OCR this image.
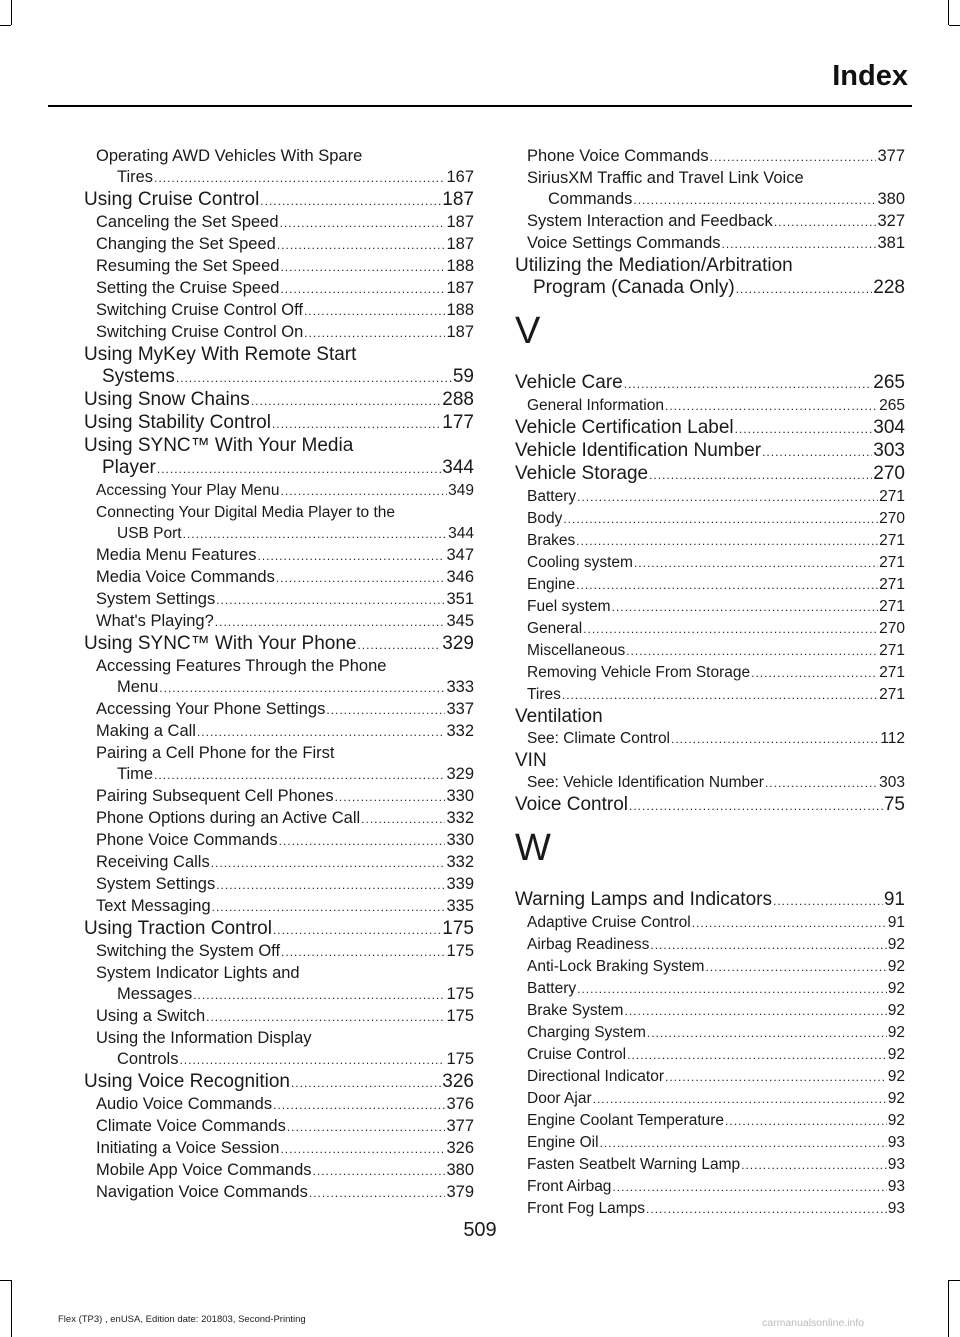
Index
Operating AWD Vehicles With Spare
Tires .....	167
Using Cruise Control .....	187
Canceling the Set Speed .....	187
Changing the Set Speed .....	187
Resuming the Set Speed .....	188
Setting the Cruise Speed .....	187
Switching Cruise Control Off .....	188
Switching Cruise Control On .....	187
Using MyKey With Remote Start
Systems .....	59
Using Snow Chains .....	288
Using Stability Control .....	177
Using SYNC™ With Your Media
Player .....	344
Accessing Your Play Menu .....	349
Connecting Your Digital Media Player to the
USB Port .....	344
Media Menu Features .....	347
Media Voice Commands .....	346
System Settings .....	351
What's Playing? .....	345
Using SYNC™ With Your Phone .....	329
Accessing Features Through the Phone
Menu .....	333
Accessing Your Phone Settings .....	337
Making a Call .....	332
Pairing a Cell Phone for the First
Time .....	329
Pairing Subsequent Cell Phones .....	330
Phone Options during an Active Call .....	332
Phone Voice Commands .....	330
Receiving Calls .....	332
System Settings .....	339
Text Messaging .....	335
Using Traction Control .....	175
Switching the System Off .....	175
System Indicator Lights and
Messages .....	175
Using a Switch .....	175
Using the Information Display
Controls .....	175
Using Voice Recognition .....	326
Audio Voice Commands .....	376
Climate Voice Commands .....	377
Initiating a Voice Session .....	326
Mobile App Voice Commands .....	380
Navigation Voice Commands .....	379
Phone Voice Commands .....	377
SiriusXM Traffic and Travel Link Voice
Commands .....	380
System Interaction and Feedback .....	327
Voice Settings Commands .....	381
Utilizing the Mediation/Arbitration
Program (Canada Only) .....	228
V
Vehicle Care .....	265
General Information .....	265
Vehicle Certification Label .....	304
Vehicle Identification Number .....	303
Vehicle Storage .....	270
Battery .....	271
Body .....	270
Brakes .....	271
Cooling system .....	271
Engine .....	271
Fuel system .....	271
General .....	270
Miscellaneous .....	271
Removing Vehicle From Storage .....	271
Tires .....	271
Ventilation
See: Climate Control .....	112
VIN
See: Vehicle Identification Number .....	303
Voice Control .....	75
W
Warning Lamps and Indicators .....	91
Adaptive Cruise Control .....	91
Airbag Readiness .....	92
Anti-Lock Braking System .....	92
Battery .....	92
Brake System .....	92
Charging System .....	92
Cruise Control .....	92
Directional Indicator .....	92
Door Ajar .....	92
Engine Coolant Temperature .....	92
Engine Oil .....	93
Fasten Seatbelt Warning Lamp .....	93
Front Airbag .....	93
Front Fog Lamps .....	93
509
Flex (TP3) , enUSA, Edition date: 201803, Second-Printing	carmanualsonline.info
